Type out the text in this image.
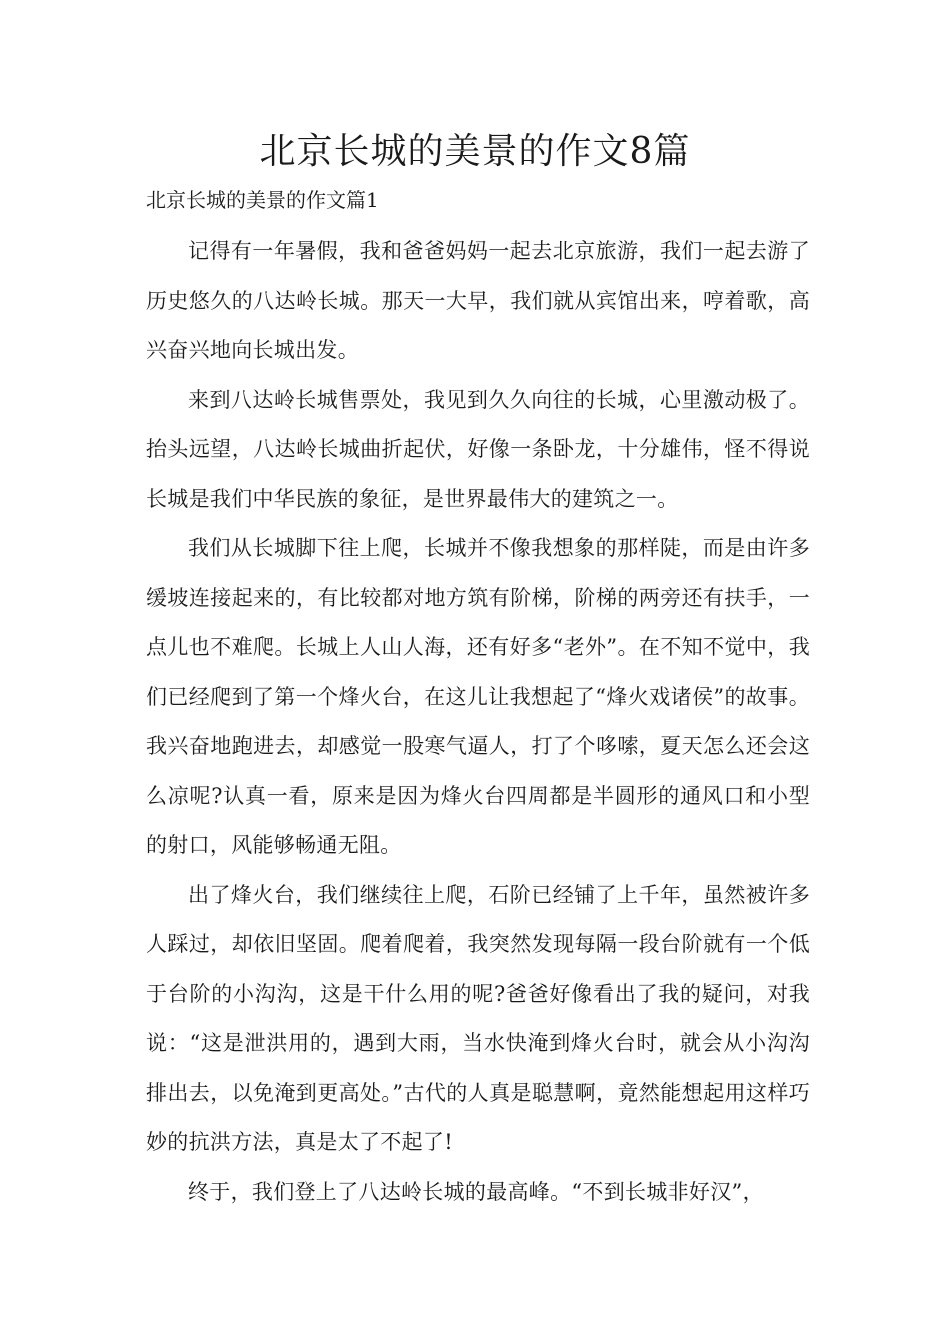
北京长城的美景的作文8篇

北京长城的美景的作文篇1

记得有一年暑假，我和爸爸妈妈一起去北京旅游，我们一起去游了历史悠久的八达岭长城。那天一大早，我们就从宾馆出来，哼着歌，高兴奋兴地向长城出发。

来到八达岭长城售票处，我见到久久向往的长城，心里激动极了。抬头远望，八达岭长城曲折起伏，好像一条卧龙，十分雄伟，怪不得说长城是我们中华民族的象征，是世界最伟大的建筑之一。

我们从长城脚下往上爬，长城并不像我想象的那样陡，而是由许多缓坡连接起来的，有比较都对地方筑有阶梯，阶梯的两旁还有扶手，一点儿也不难爬。长城上人山人海，还有好多“老外”。在不知不觉中，我们已经爬到了第一个烽火台，在这儿让我想起了“烽火戏诸侯”的故事。我兴奋地跑进去，却感觉一股寒气逼人，打了个哆嗦，夏天怎么还会这么凉呢?认真一看，原来是因为烽火台四周都是半圆形的通风口和小型的射口，风能够畅通无阻。

出了烽火台，我们继续往上爬，石阶已经铺了上千年，虽然被许多人踩过，却依旧坚固。爬着爬着，我突然发现每隔一段台阶就有一个低于台阶的小沟沟，这是干什么用的呢?爸爸好像看出了我的疑问，对我说：“这是泄洪用的，遇到大雨，当水快淹到烽火台时，就会从小沟沟排出去，以免淹到更高处。”古代的人真是聪慧啊，竟然能想起用这样巧妙的抗洪方法，真是太了不起了!

终于，我们登上了八达岭长城的最高峰。“不到长城非好汉”，
